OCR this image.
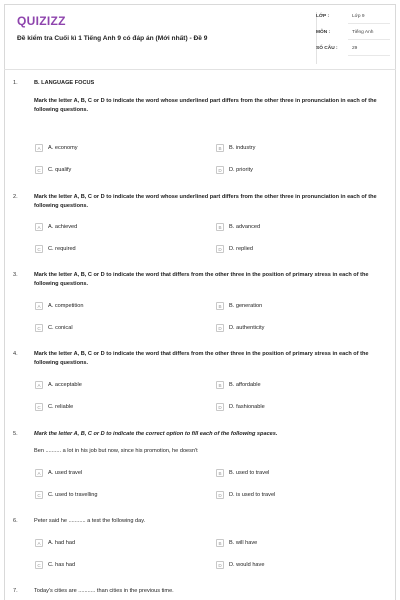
QUIZIZZ
Đề kiểm tra Cuối kì 1 Tiếng Anh 9 có đáp án (Mới nhất) - Đề 9
LỚP :	Lớp 9
MÔN :	Tiếng Anh
SỐ CÂU :	29
1.	B. LANGUAGE FOCUS
Mark the letter A, B, C or D to indicate the word whose underlined part differs from the other three in pronunciation in each of the following questions.
A	A. economy	B	B. industry
C	C. qualify	D	D. priority
2.	Mark the letter A, B, C or D to indicate the word whose underlined part differs from the other three in pronunciation in each of the following questions.
A	A. achieved	B	B. advanced
C	C. required	D	D. replied
3.	Mark the letter A, B, C or D to indicate the word that differs from the other three in the position of primary stress in each of the following questions.
A	A. competition	B	B. generation
C	C. conical	D	D. authenticity
4.	Mark the letter A, B, C or D to indicate the word that differs from the other three in the position of primary stress in each of the following questions.
A	A. acceptable	B	B. affordable
C	C. reliable	D	D. fashionable
5.	Mark the letter A, B, C or D to indicate the correct option to fill each of the following spaces.
Ben .......... a lot in his job but now, since his promotion, he doesn't
A	A. used travel	B	B. used to travel
C	C. used to travelling	D	D. is used to travel
6.	Peter said he ........... a test the following day.
A	A. had had	B	B. will have
C	C. has had	D	D. would have
7.	Today's cities are ........... than cities in the previous time.
